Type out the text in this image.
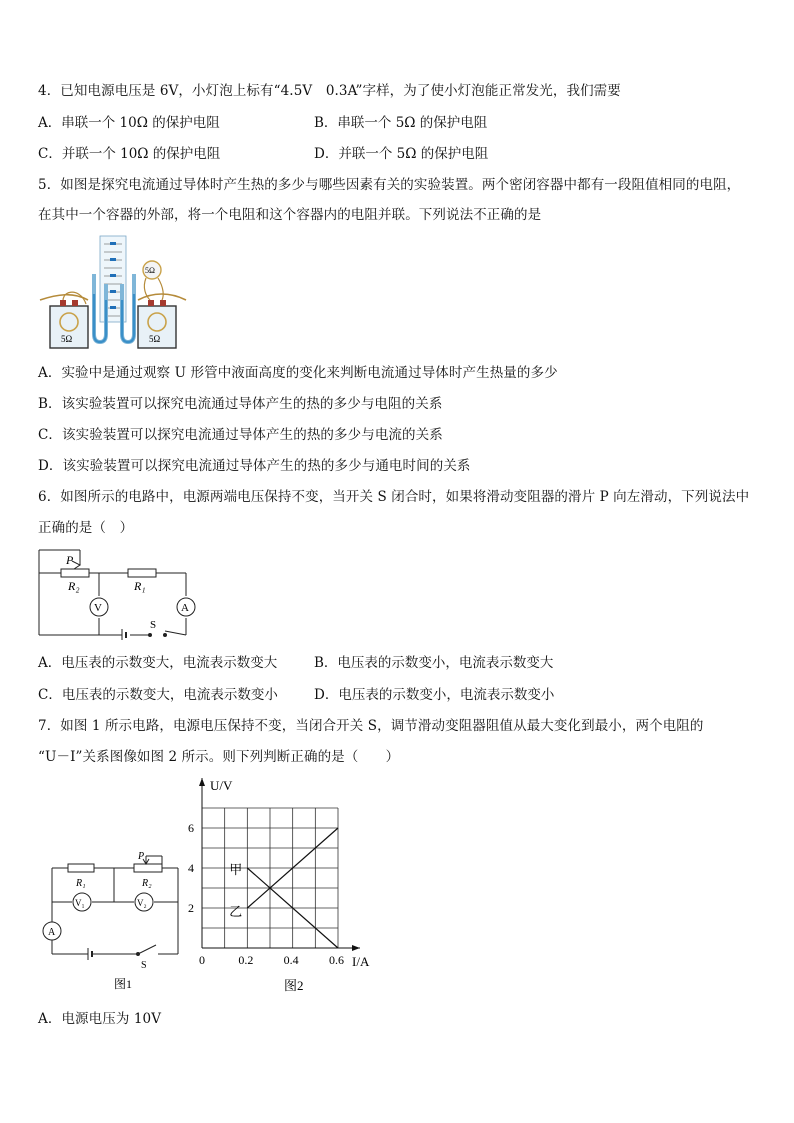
4．已知电源电压是 6V，小灯泡上标有“4.5V　0.3A”字样，为了使小灯泡能正常发光，我们需要
A．串联一个 10Ω 的保护电阻	B．串联一个 5Ω 的保护电阻
C．并联一个 10Ω 的保护电阻	D．并联一个 5Ω 的保护电阻
5．如图是探究电流通过导体时产生热的多少与哪些因素有关的实验装置。两个密闭容器中都有一段阻值相同的电阻，
在其中一个容器的外部，将一个电阻和这个容器内的电阻并联。下列说法不正确的是
5Ω	5Ω
5Ω
A．实验中是通过观察 U 形管中液面高度的变化来判断电流通过导体时产生热量的多少
B．该实验装置可以探究电流通过导体产生的热的多少与电阻的关系
C．该实验装置可以探究电流通过导体产生的热的多少与电流的关系
D．该实验装置可以探究电流通过导体产生的热的多少与通电时间的关系
6．如图所示的电路中，电源两端电压保持不变，当开关 S 闭合时，如果将滑动变阻器的滑片 P 向左滑动，下列说法中
正确的是（　）
P
R₂	R₁
V	A
S
A．电压表的示数变大，电流表示数变大	B．电压表的示数变小，电流表示数变大
C．电压表的示数变大，电流表示数变小	D．电压表的示数变小，电流表示数变小
7．如图 1 所示电路，电源电压保持不变，当闭合开关 S，调节滑动变阻器阻值从最大变化到最小，两个电阻的
“U－I”关系图像如图 2 所示。则下列判断正确的是（　　）
P
R₁	R₂
V₁	V₂
A
S
图1
甲
乙
0	0.2	0.4	0.6
2
4
6
I/A
U/V
图2
A．电源电压为 10V
